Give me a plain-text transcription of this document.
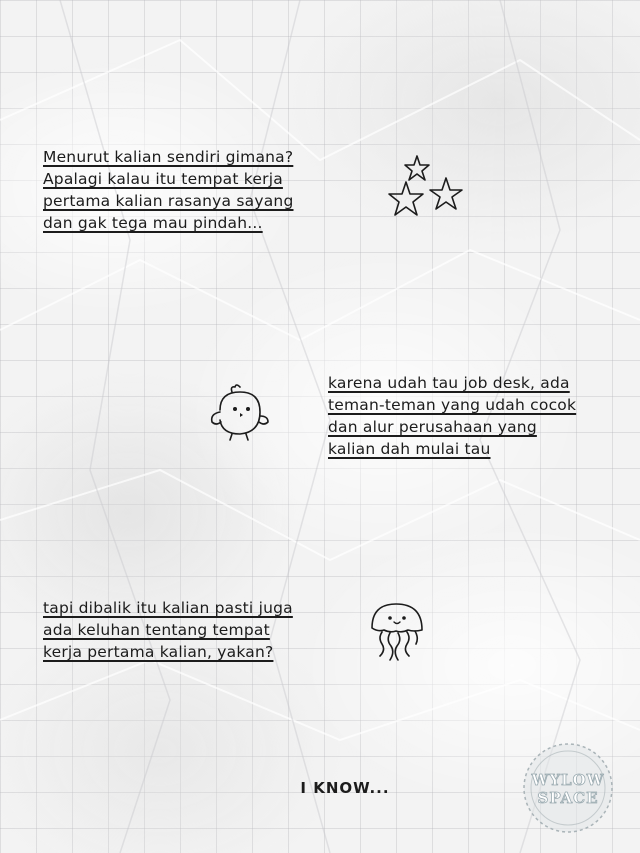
Menurut kalian sendiri gimana?
Apalagi kalau itu tempat kerja
pertama kalian rasanya sayang
dan gak tega mau pindah...
karena udah tau job desk, ada
teman-teman yang udah cocok
dan alur perusahaan yang
kalian dah mulai tau
tapi dibalik itu kalian pasti juga
ada keluhan tentang tempat
kerja pertama kalian, yakan?
I KNOW...	WYLOW
SPACE
